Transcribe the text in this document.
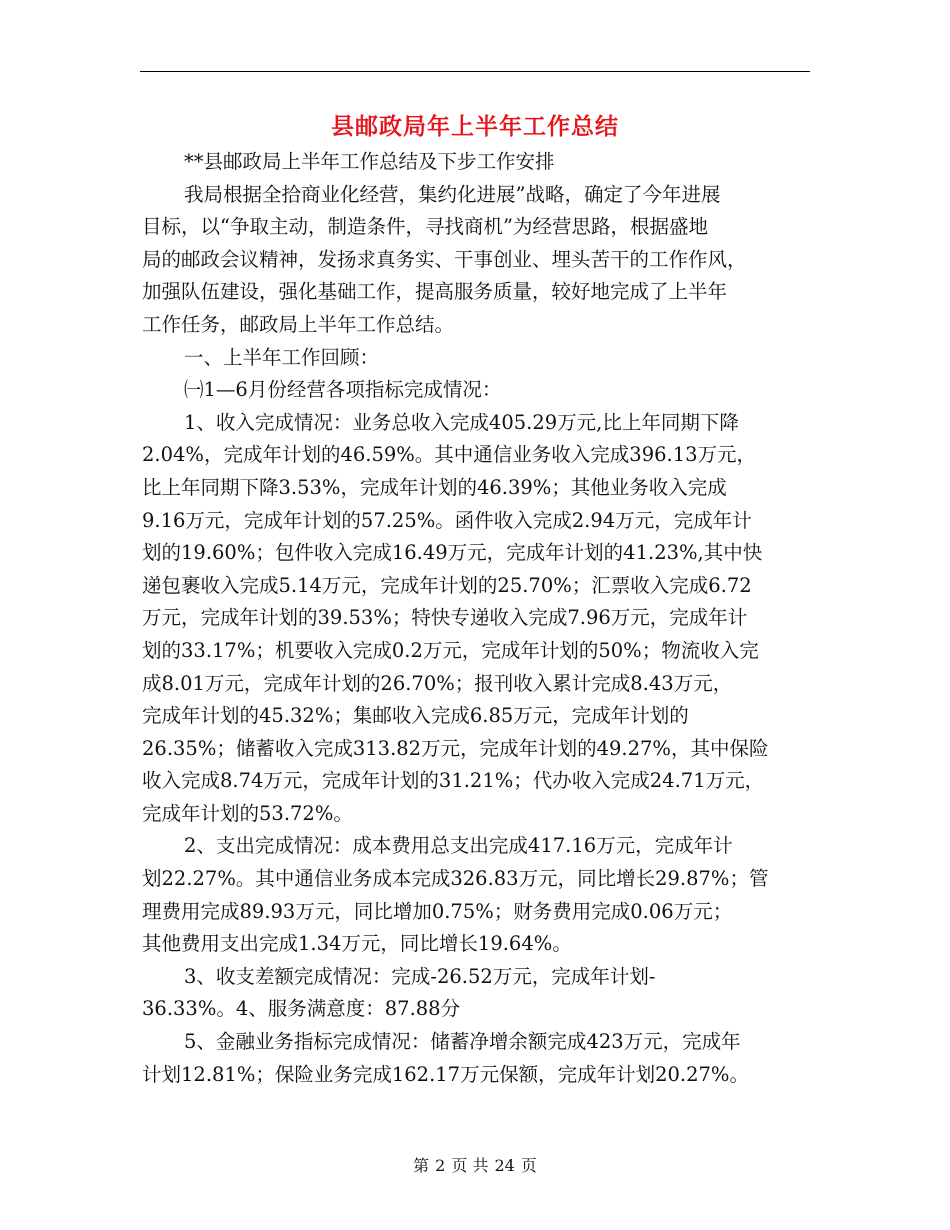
县邮政局年上半年工作总结
**县邮政局上半年工作总结及下步工作安排
我局根据全拾商业化经营，集约化进展”战略，确定了今年进展
目标，以“争取主动，制造条件，寻找商机”为经营思路，根据盛地
局的邮政会议精神，发扬求真务实、干事创业、埋头苦干的工作作风，
加强队伍建设，强化基础工作，提高服务质量，较好地完成了上半年
工作任务，邮政局上半年工作总结。
一、上半年工作回顾：
㈠1—6月份经营各项指标完成情况：
1、收入完成情况：业务总收入完成405.29万元,比上年同期下降
2.04%，完成年计划的46.59%。其中通信业务收入完成396.13万元，
比上年同期下降3.53%，完成年计划的46.39%；其他业务收入完成
9.16万元，完成年计划的57.25%。函件收入完成2.94万元，完成年计
划的19.60%；包件收入完成16.49万元，完成年计划的41.23%,其中快
递包裹收入完成5.14万元，完成年计划的25.70%；汇票收入完成6.72
万元，完成年计划的39.53%；特快专递收入完成7.96万元，完成年计
划的33.17%；机要收入完成0.2万元，完成年计划的50%；物流收入完
成8.01万元，完成年计划的26.70%；报刊收入累计完成8.43万元，
完成年计划的45.32%；集邮收入完成6.85万元，完成年计划的
26.35%；储蓄收入完成313.82万元，完成年计划的49.27%，其中保险
收入完成8.74万元，完成年计划的31.21%；代办收入完成24.71万元，
完成年计划的53.72%。
2、支出完成情况：成本费用总支出完成417.16万元，完成年计
划22.27%。其中通信业务成本完成326.83万元，同比增长29.87%；管
理费用完成89.93万元，同比增加0.75%；财务费用完成0.06万元；
其他费用支出完成1.34万元，同比增长19.64%。
3、收支差额完成情况：完成-26.52万元，完成年计划-
36.33%。4、服务满意度：87.88分
5、金融业务指标完成情况：储蓄净增余额完成423万元，完成年
计划12.81%；保险业务完成162.17万元保额，完成年计划20.27%。
第 2 页 共 24 页
